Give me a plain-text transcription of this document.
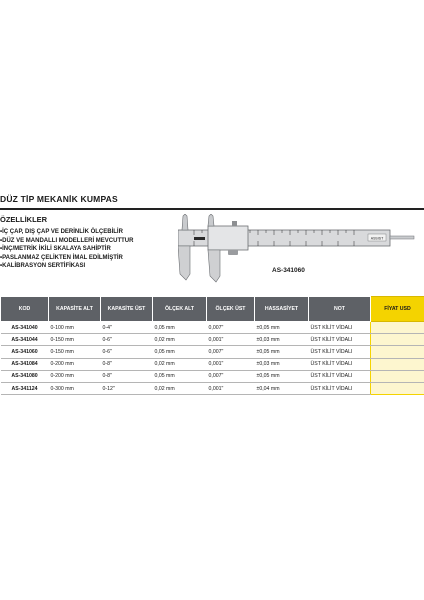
DÜZ TİP MEKANİK KUMPAS
ÖZELLİKLER
• İÇ ÇAP, DIŞ ÇAP VE DERİNLİK ÖLÇEBİLİR
• DÜZ VE MANDALLI MODELLERİ MEVCUTTUR
• İNÇ/METRİK İKİLİ SKALAYA SAHİPTİR
• PASLANMAZ ÇELİKTEN İMAL EDİLMİŞTİR
• KALİBRASYON SERTİFİKASI
ASSIST
AS-341060
KOD	KAPASİTE ALT	KAPASİTE ÜST	ÖLÇEK ALT	ÖLÇEK ÜST	HASSASİYET	NOT	FİYAT USD
AS-341040	0-100 mm	0-4"	0,05 mm	0,007"	±0,05 mm	ÜST KİLİT VİDALI	
AS-341044	0-150 mm	0-6"	0,02 mm	0,001"	±0,03 mm	ÜST KİLİT VİDALI	
AS-341060	0-150 mm	0-6"	0,05 mm	0,007"	±0,05 mm	ÜST KİLİT VİDALI	
AS-341084	0-200 mm	0-8"	0,02 mm	0,001"	±0,03 mm	ÜST KİLİT VİDALI	
AS-341080	0-200 mm	0-8"	0,05 mm	0,007"	±0,05 mm	ÜST KİLİT VİDALI	
AS-341124	0-300 mm	0-12"	0,02 mm	0,001"	±0,04 mm	ÜST KİLİT VİDALI	
